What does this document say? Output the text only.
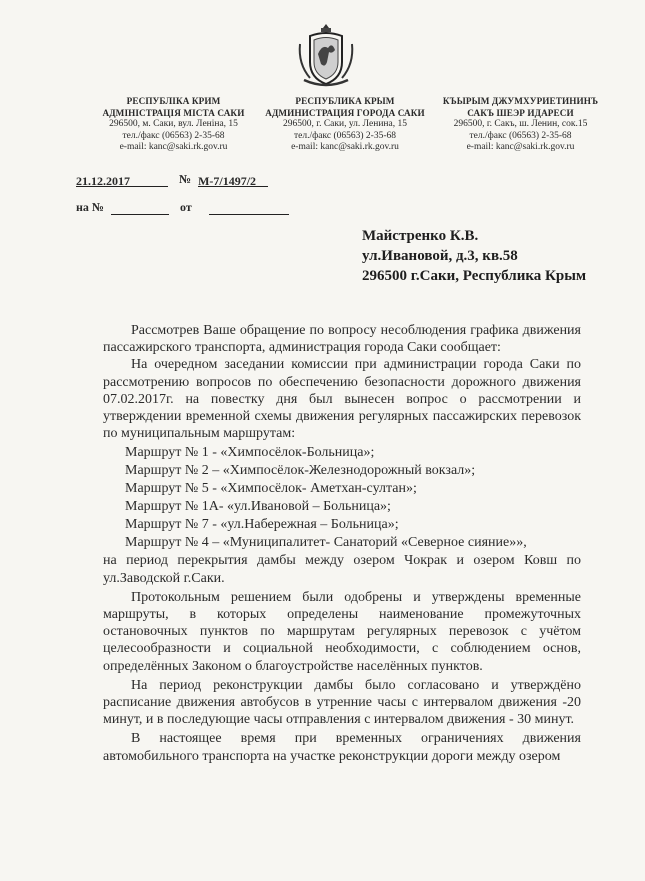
РЕСПУБЛІКА КРИМ
АДМІНІСТРАЦІЯ МІСТА САКИ
296500, м. Саки, вул. Леніна, 15
тел./факс (06563) 2-35-68
e-mail: kanc@saki.rk.gov.ru
РЕСПУБЛИКА КРЫМ
АДМИНИСТРАЦИЯ ГОРОДА САКИ
296500, г. Саки, ул. Ленина, 15
тел./факс (06563) 2-35-68
e-mail: kanc@saki.rk.gov.ru
КЪЫРЫМ ДЖУМХУРИЕТИНИНЪ
САКЪ ШЕЭР ИДАРЕСИ
296500, г. Сакъ, ш. Ленин, сок.15
тел./факс (06563) 2-35-68
e-mail: kanc@saki.rk.gov.ru
21.12.2017	№ М-7/1497/2
на №	от
Майстренко К.В.
ул.Ивановой, д.3, кв.58
296500 г.Саки, Республика Крым

Рассмотрев Ваше обращение по вопросу несоблюдения графика движения пассажирского транспорта, администрация города Саки сообщает:

На очередном заседании комиссии при администрации города Саки по рассмотрению вопросов по обеспечению безопасности дорожного движения 07.02.2017г. на повестку дня был вынесен вопрос о рассмотрении и утверждении временной схемы движения регулярных пассажирских перевозок по муниципальным маршрутам:

Маршрут № 1 - «Химпосёлок-Больница»;

Маршрут № 2 – «Химпосёлок-Железнодорожный вокзал»;

Маршрут № 5 - «Химпосёлок- Аметхан-султан»;

Маршрут № 1А- «ул.Ивановой – Больница»;

Маршрут № 7 - «ул.Набережная – Больница»;

Маршрут № 4 – «Муниципалитет- Санаторий «Северное сияние»»,

на период перекрытия дамбы между озером Чокрак и озером Ковш по ул.Заводской г.Саки.

Протокольным решением были одобрены и утверждены временные маршруты, в которых определены наименование промежуточных остановочных пунктов по маршрутам регулярных перевозок с учётом целесообразности и социальной необходимости, с соблюдением основ, определённых Законом о благоустройстве населённых пунктов.

На период реконструкции дамбы было согласовано и утверждёно расписание движения автобусов в утренние часы с интервалом движения -20 минут, и в последующие часы отправления с интервалом движения - 30 минут.

В настоящее время при временных ограничениях движения автомобильного транспорта на участке реконструкции дороги между озером
